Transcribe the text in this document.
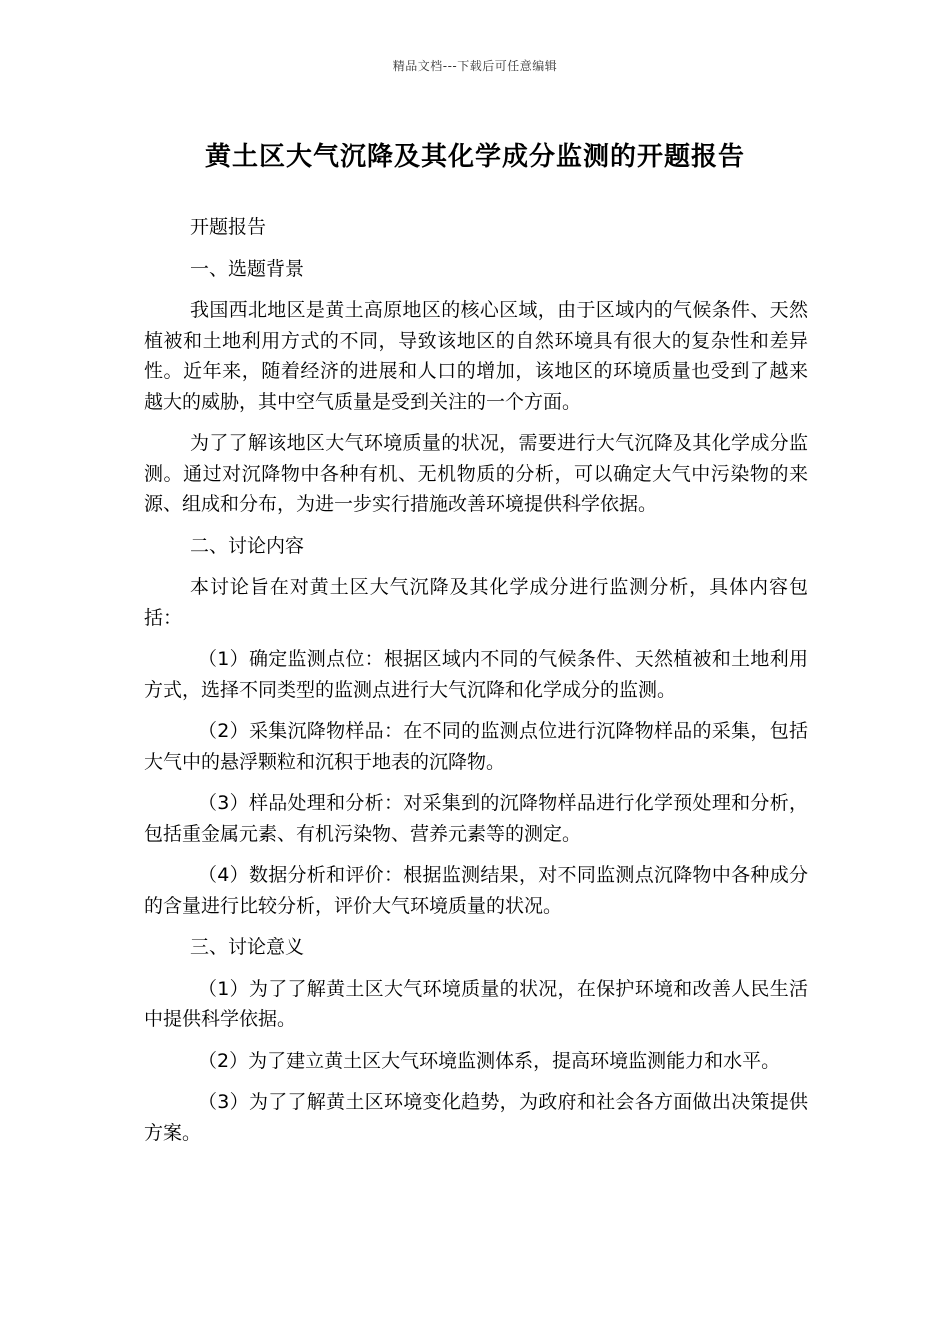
精品文档---下载后可任意编辑
黄土区大气沉降及其化学成分监测的开题报告

开题报告

一、选题背景

我国西北地区是黄土高原地区的核心区域，由于区域内的气候条件、天然植被和土地利用方式的不同，导致该地区的自然环境具有很大的复杂性和差异性。近年来，随着经济的进展和人口的增加，该地区的环境质量也受到了越来越大的威胁，其中空气质量是受到关注的一个方面。

为了了解该地区大气环境质量的状况，需要进行大气沉降及其化学成分监测。通过对沉降物中各种有机、无机物质的分析，可以确定大气中污染物的来源、组成和分布，为进一步实行措施改善环境提供科学依据。

二、讨论内容

本讨论旨在对黄土区大气沉降及其化学成分进行监测分析，具体内容包括：

（1）确定监测点位：根据区域内不同的气候条件、天然植被和土地利用方式，选择不同类型的监测点进行大气沉降和化学成分的监测。

（2）采集沉降物样品：在不同的监测点位进行沉降物样品的采集，包括大气中的悬浮颗粒和沉积于地表的沉降物。

（3）样品处理和分析：对采集到的沉降物样品进行化学预处理和分析，包括重金属元素、有机污染物、营养元素等的测定。

（4）数据分析和评价：根据监测结果，对不同监测点沉降物中各种成分的含量进行比较分析，评价大气环境质量的状况。

三、讨论意义

（1）为了了解黄土区大气环境质量的状况，在保护环境和改善人民生活中提供科学依据。

（2）为了建立黄土区大气环境监测体系，提高环境监测能力和水平。

（3）为了了解黄土区环境变化趋势，为政府和社会各方面做出决策提供方案。
